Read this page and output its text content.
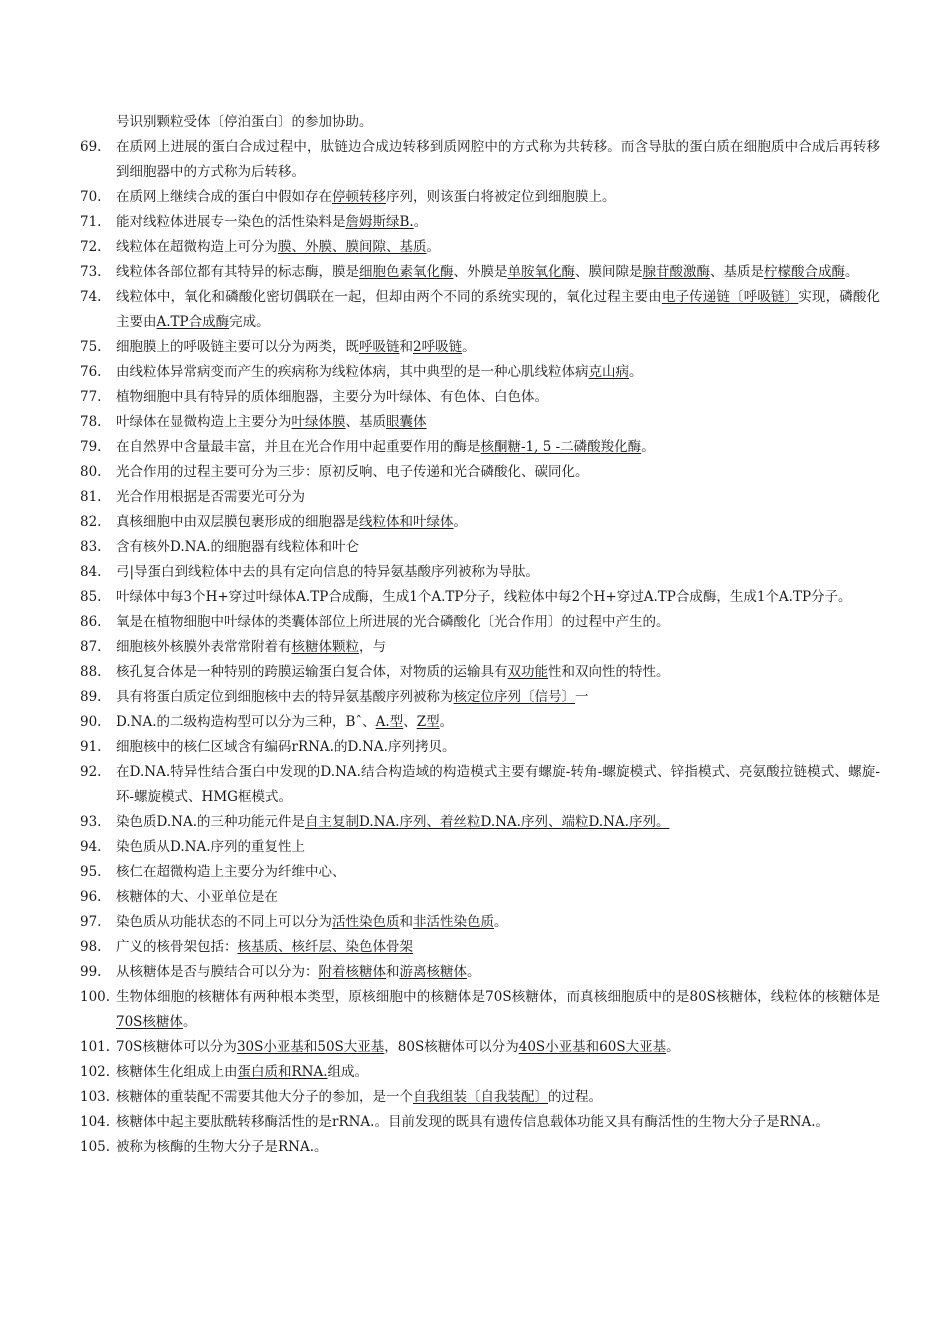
号识别颗粒受体〔停泊蛋白〕的参加协助。
69.	在质网上进展的蛋白合成过程中，肽链边合成边转移到质网腔中的方式称为共转移。而含导肽的蛋白质在细胞质中合成后再转移到细胞器中的方式称为后转移。
70.	在质网上继续合成的蛋白中假如存在停顿转移序列，则该蛋白将被定位到细胞膜上。
71.	能对线粒体进展专一染色的活性染料是詹姆斯绿B.。
72.	线粒体在超微构造上可分为膜、外膜、膜间隙、基质。
73.	线粒体各部位都有其特异的标志酶，膜是细胞色素氧化酶、外膜是单胺氧化酶、膜间隙是腺苷酸激酶、基质是柠檬酸合成酶。
74.	线粒体中，氧化和磷酸化密切偶联在一起，但却由两个不同的系统实现的，氧化过程主要由电子传递链〔呼吸链〕实现，磷酸化主要由A.TP合成酶完成。
75.	细胞膜上的呼吸链主要可以分为两类，既呼吸链和2呼吸链。
76.	由线粒体异常病变而产生的疾病称为线粒体病，其中典型的是一种心肌线粒体病克山病。
77.	植物细胞中具有特异的质体细胞器，主要分为叶绿体、有色体、白色体。
78.	叶绿体在显微构造上主要分为叶绿体膜、基质眼囊体
79.	在自然界中含量最丰富，并且在光合作用中起重要作用的酶是核酮糖-1, 5 -二磷酸羧化酶。
80.	光合作用的过程主要可分为三步：原初反响、电子传递和光合磷酸化、碳同化。
81.	光合作用根据是否需要光可分为
82.	真核细胞中由双层膜包裹形成的细胞器是线粒体和叶绿体。
83.	含有核外D.NA.的细胞器有线粒体和叶仑
84.	弓|导蛋白到线粒体中去的具有定向信息的特异氨基酸序列被称为导肽。
85.	叶绿体中每3个H+穿过叶绿体A.TP合成酶，生成1个A.TP分子，线粒体中每2个H+穿过A.TP合成酶，生成1个A.TP分子。
86.	氧是在植物细胞中叶绿体的类囊体部位上所进展的光合磷酸化〔光合作用〕的过程中产生的。
87.	细胞核外核膜外表常常附着有核糖体颗粒，与
88.	核孔复合体是一种特别的跨膜运输蛋白复合体，对物质的运输具有双功能性和双向性的特性。
89.	具有将蛋白质定位到细胞核中去的特异氨基酸序列被称为核定位序列〔信号〕一
90.	D.NA.的二级构造构型可以分为三种，Bˆ、A.型、Z型。
91.	细胞核中的核仁区域含有编码rRNA.的D.NA.序列拷贝。
92.	在D.NA.特异性结合蛋白中发现的D.NA.结合构造域的构造模式主要有螺旋-转角-螺旋模式、锌指模式、亮氨酸拉链模式、螺旋-环-螺旋模式、HMG框模式。
93.	染色质D.NA.的三种功能元件是自主复制D.NA.序列、着丝粒D.NA.序列、端粒D.NA.序列。
94.	染色质从D.NA.序列的重复性上
95.	核仁在超微构造上主要分为纤维中心、
96.	核糖体的大、小亚单位是在
97.	染色质从功能状态的不同上可以分为活性染色质和非活性染色质。
98.	广义的核骨架包括：核基质、核纤层、染色体骨架
99.	从核糖体是否与膜结合可以分为：附着核糖体和游离核糖体。
100. 生物体细胞的核糖体有两种根本类型，原核细胞中的核糖体是70S核糖体，而真核细胞质中的是80S核糖体，线粒体的核糖体是70S核糖体。
101. 70S核糖体可以分为30S小亚基和50S大亚基，80S核糖体可以分为40S小亚基和60S大亚基。
102. 核糖体生化组成上由蛋白质和RNA.组成。
103. 核糖体的重装配不需要其他大分子的参加，是一个自我组装〔自我装配〕的过程。
104. 核糖体中起主要肽酰转移酶活性的是rRNA.。目前发现的既具有遗传信息载体功能又具有酶活性的生物大分子是RNA.。
105. 被称为核酶的生物大分子是RNA.。
